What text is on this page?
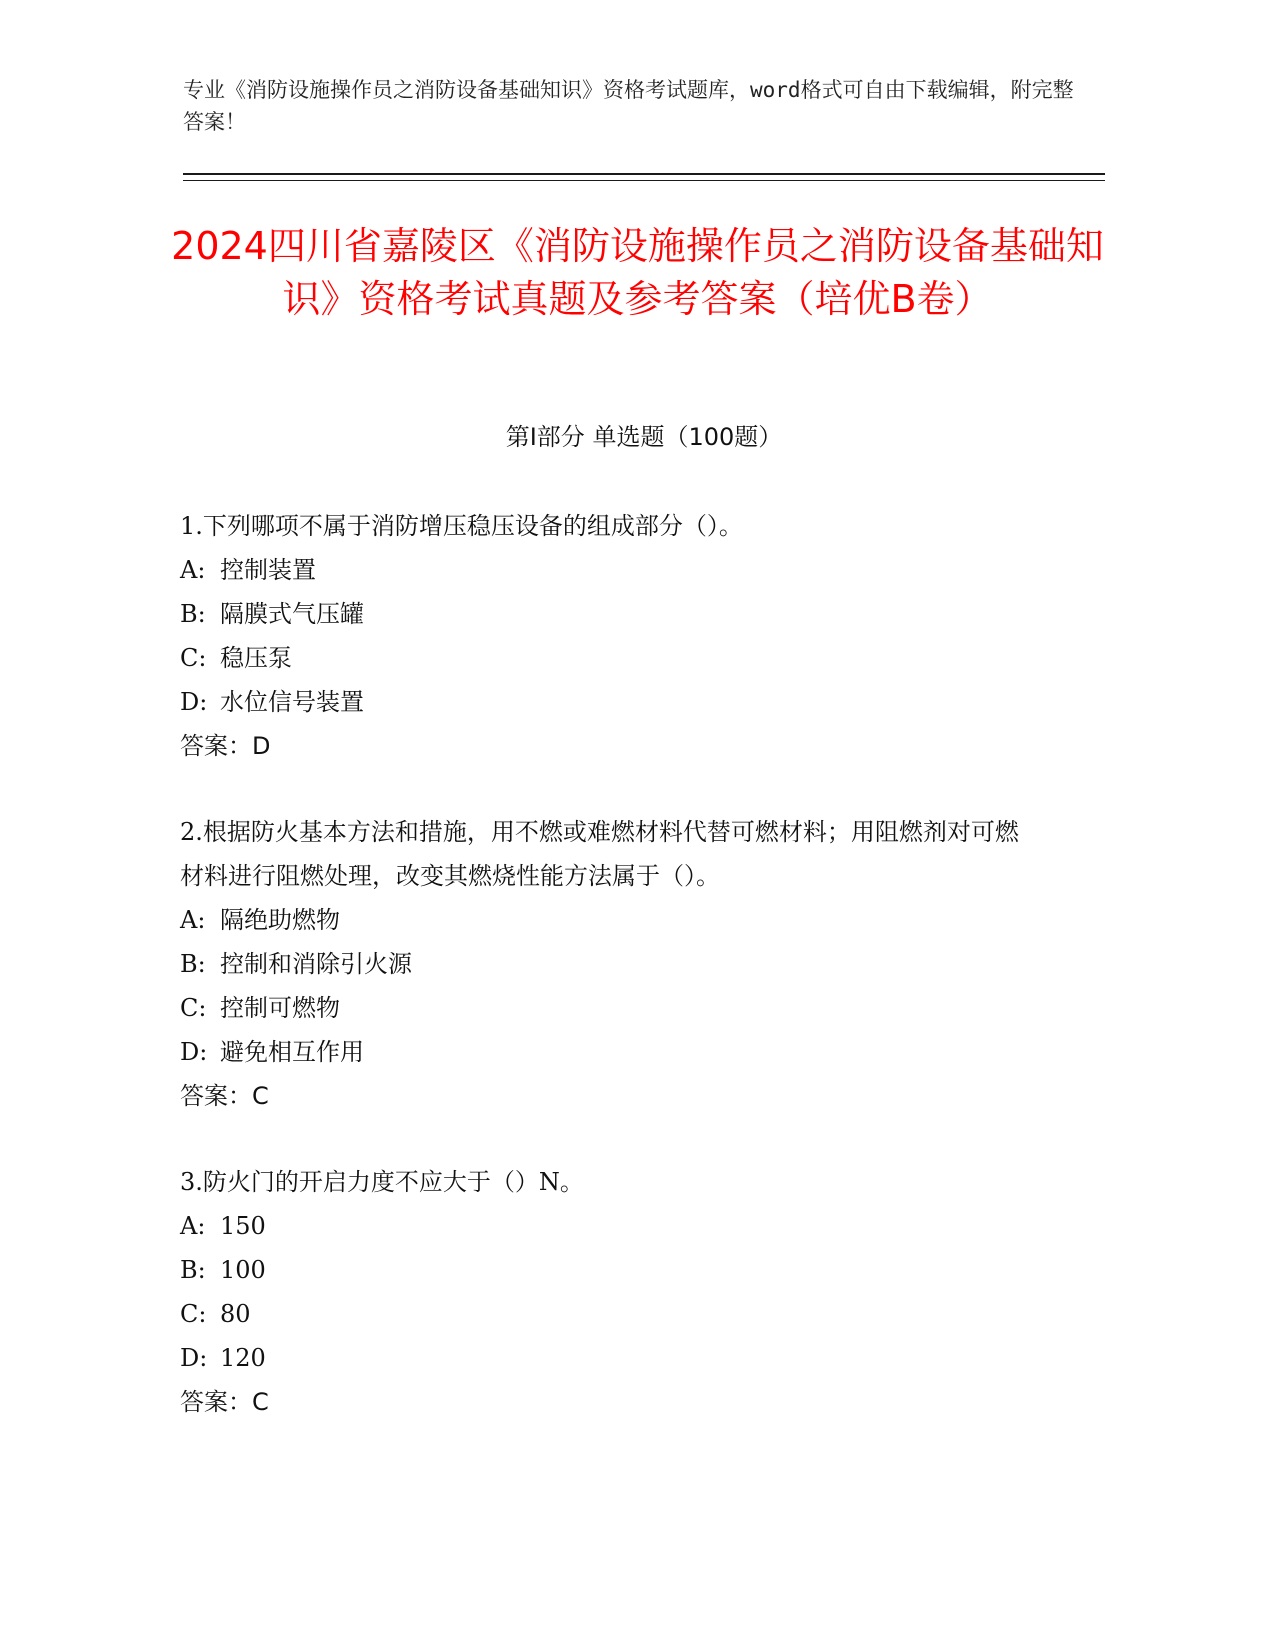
专业《消防设施操作员之消防设备基础知识》资格考试题库，word格式可自由下载编辑，附完整答案！
2024四川省嘉陵区《消防设施操作员之消防设备基础知识》资格考试真题及参考答案（培优B卷）
第I部分 单选题（100题）
1.下列哪项不属于消防增压稳压设备的组成部分（）。
A: 控制装置
B: 隔膜式气压罐
C: 稳压泵
D: 水位信号装置
答案：D
2.根据防火基本方法和措施，用不燃或难燃材料代替可燃材料；用阻燃剂对可燃材料进行阻燃处理，改变其燃烧性能方法属于（）。
A: 隔绝助燃物
B: 控制和消除引火源
C: 控制可燃物
D: 避免相互作用
答案：C
3.防火门的开启力度不应大于（）N。
A: 150
B: 100
C: 80
D: 120
答案：C
